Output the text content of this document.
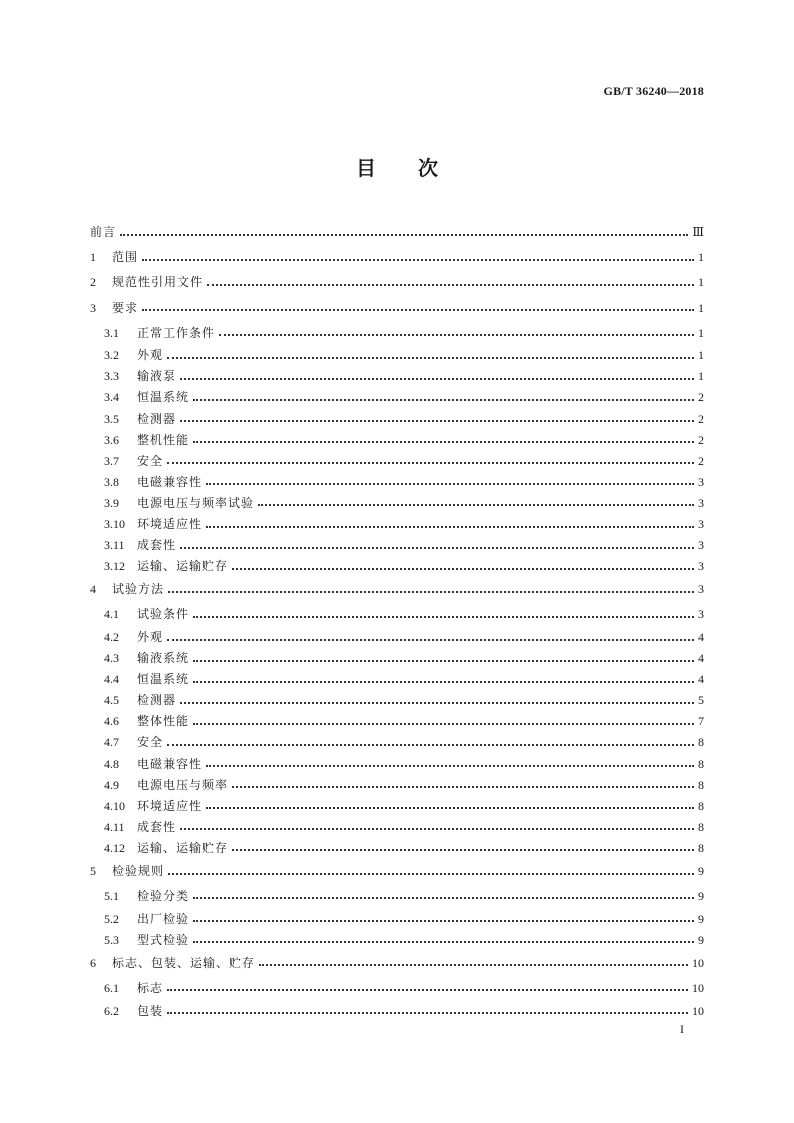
GB/T 36240—2018
目次
前言	Ⅲ
1	范围	1
2	规范性引用文件	1
3	要求	1
3.1	正常工作条件	1
3.2	外观	1
3.3	输液泵	1
3.4	恒温系统	2
3.5	检测器	2
3.6	整机性能	2
3.7	安全	2
3.8	电磁兼容性	3
3.9	电源电压与频率试验	3
3.10	环境适应性	3
3.11	成套性	3
3.12	运输、运输贮存	3
4	试验方法	3
4.1	试验条件	3
4.2	外观	4
4.3	输液系统	4
4.4	恒温系统	4
4.5	检测器	5
4.6	整体性能	7
4.7	安全	8
4.8	电磁兼容性	8
4.9	电源电压与频率	8
4.10	环境适应性	8
4.11	成套性	8
4.12	运输、运输贮存	8
5	检验规则	9
5.1	检验分类	9
5.2	出厂检验	9
5.3	型式检验	9
6	标志、包装、运输、贮存	10
6.1	标志	10
6.2	包装	10
I
